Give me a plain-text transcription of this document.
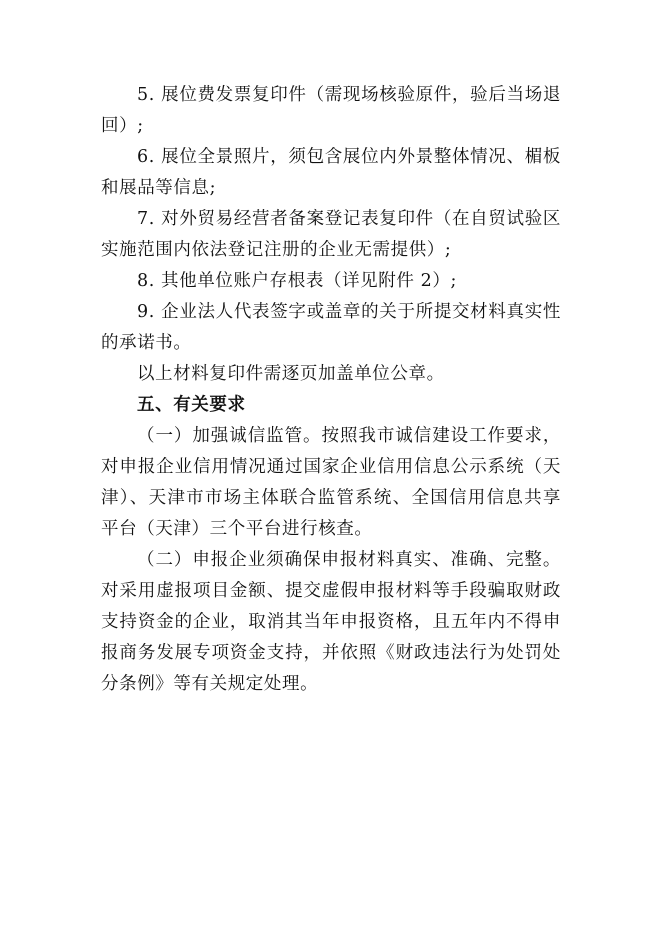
5. 展位费发票复印件（需现场核验原件，验后当场退回）;

6. 展位全景照片，须包含展位内外景整体情况、楣板和展品等信息;

7. 对外贸易经营者备案登记表复印件（在自贸试验区实施范围内依法登记注册的企业无需提供）;

8. 其他单位账户存根表（详见附件 2）;

9. 企业法人代表签字或盖章的关于所提交材料真实性的承诺书。

以上材料复印件需逐页加盖单位公章。

五、有关要求

（一）加强诚信监管。按照我市诚信建设工作要求，对申报企业信用情况通过国家企业信用信息公示系统（天津）、天津市市场主体联合监管系统、全国信用信息共享平台（天津）三个平台进行核查。

（二）申报企业须确保申报材料真实、准确、完整。对采用虚报项目金额、提交虚假申报材料等手段骗取财政支持资金的企业，取消其当年申报资格，且五年内不得申报商务发展专项资金支持，并依照《财政违法行为处罚处分条例》等有关规定处理。
